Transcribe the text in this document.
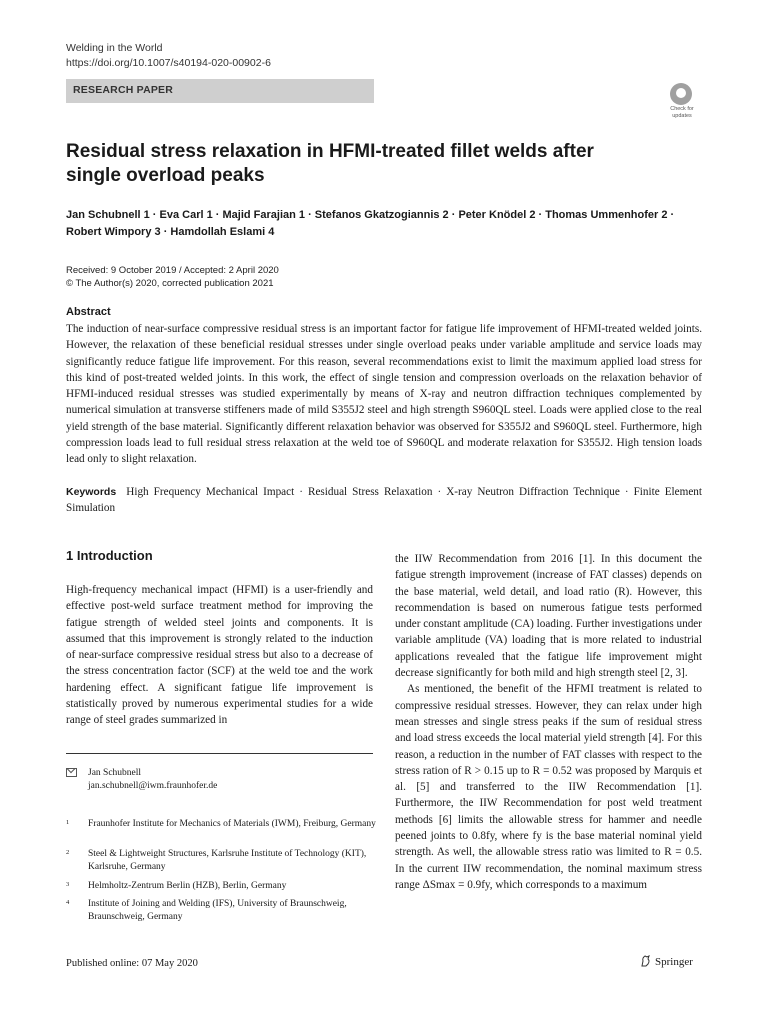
Welding in the World
https://doi.org/10.1007/s40194-020-00902-6
RESEARCH PAPER
Check for updates
Residual stress relaxation in HFMI-treated fillet welds after single overload peaks
Jan Schubnell 1 · Eva Carl 1 · Majid Farajian 1 · Stefanos Gkatzogiannis 2 · Peter Knödel 2 · Thomas Ummenhofer 2 ·
Robert Wimpory 3 · Hamdollah Eslami 4
Received: 9 October 2019 / Accepted: 2 April 2020
© The Author(s) 2020, corrected publication 2021
Abstract
The induction of near-surface compressive residual stress is an important factor for fatigue life improvement of HFMI-treated welded joints. However, the relaxation of these beneficial residual stresses under single overload peaks under variable amplitude and service loads may significantly reduce fatigue life improvement. For this reason, several recommendations exist to limit the maximum applied load stress for this kind of post-treated welded joints. In this work, the effect of single tension and compression overloads on the relaxation behavior of HFMI-induced residual stresses was studied experimentally by means of X-ray and neutron diffraction techniques complemented by numerical simulation at transverse stiffeners made of mild S355J2 steel and high strength S960QL steel. Loads were applied close to the real yield strength of the base material. Significantly different relaxation behavior was observed for S355J2 and S960QL steel. Furthermore, high compression loads lead to full residual stress relaxation at the weld toe of S960QL and moderate relaxation for S355J2. High tension loads lead only to slight relaxation.
Keywords High Frequency Mechanical Impact · Residual Stress Relaxation · X-ray Neutron Diffraction Technique · Finite Element Simulation
1 Introduction
High-frequency mechanical impact (HFMI) is a user-friendly and effective post-weld surface treatment method for improving the fatigue strength of welded steel joints and components. It is assumed that this improvement is strongly related to the induction of near-surface compressive residual stress but also to a decrease of the stress concentration factor (SCF) at the weld toe and the work hardening effect. A significant fatigue life improvement is statistically proved by numerous experimental studies for a wide range of steel grades summarized in

the IIW Recommendation from 2016 [1]. In this document the fatigue strength improvement (increase of FAT classes) depends on the base material, weld detail, and load ratio (R). However, this recommendation is based on numerous fatigue tests performed under constant amplitude (CA) loading. Further investigations under variable amplitude (VA) loading that is more related to industrial applications revealed that the fatigue life improvement might decrease significantly for both mild and high strength steel [2, 3].

As mentioned, the benefit of the HFMI treatment is related to compressive residual stresses. However, they can relax under high mean stresses and single stress peaks if the sum of residual stress and load stress exceeds the local material yield strength [4]. For this reason, a reduction in the number of FAT classes with respect to the stress ration of R > 0.15 up to R = 0.52 was proposed by Marquis et al. [5] and transferred to the IIW Recommendation [1]. Furthermore, the IIW Recommendation for post weld treatment methods [6] limits the allowable stress for hammer and needle peened joints to 0.8fy, where fy is the base material nominal yield strength. As well, the allowable stress ratio was limited to R = 0.5. In the current IIW recommendation, the nominal maximum stress range ΔSmax = 0.9fy, which corresponds to a maximum

Jan Schubnell
jan.schubnell@iwm.fraunhofer.de
1 Fraunhofer Institute for Mechanics of Materials (IWM), Freiburg, Germany
2 Steel & Lightweight Structures, Karlsruhe Institute of Technology (KIT), Karlsruhe, Germany
3 Helmholtz-Zentrum Berlin (HZB), Berlin, Germany
4 Institute of Joining and Welding (IFS), University of Braunschweig, Braunschweig, Germany
Published online: 07 May 2020	Springer
